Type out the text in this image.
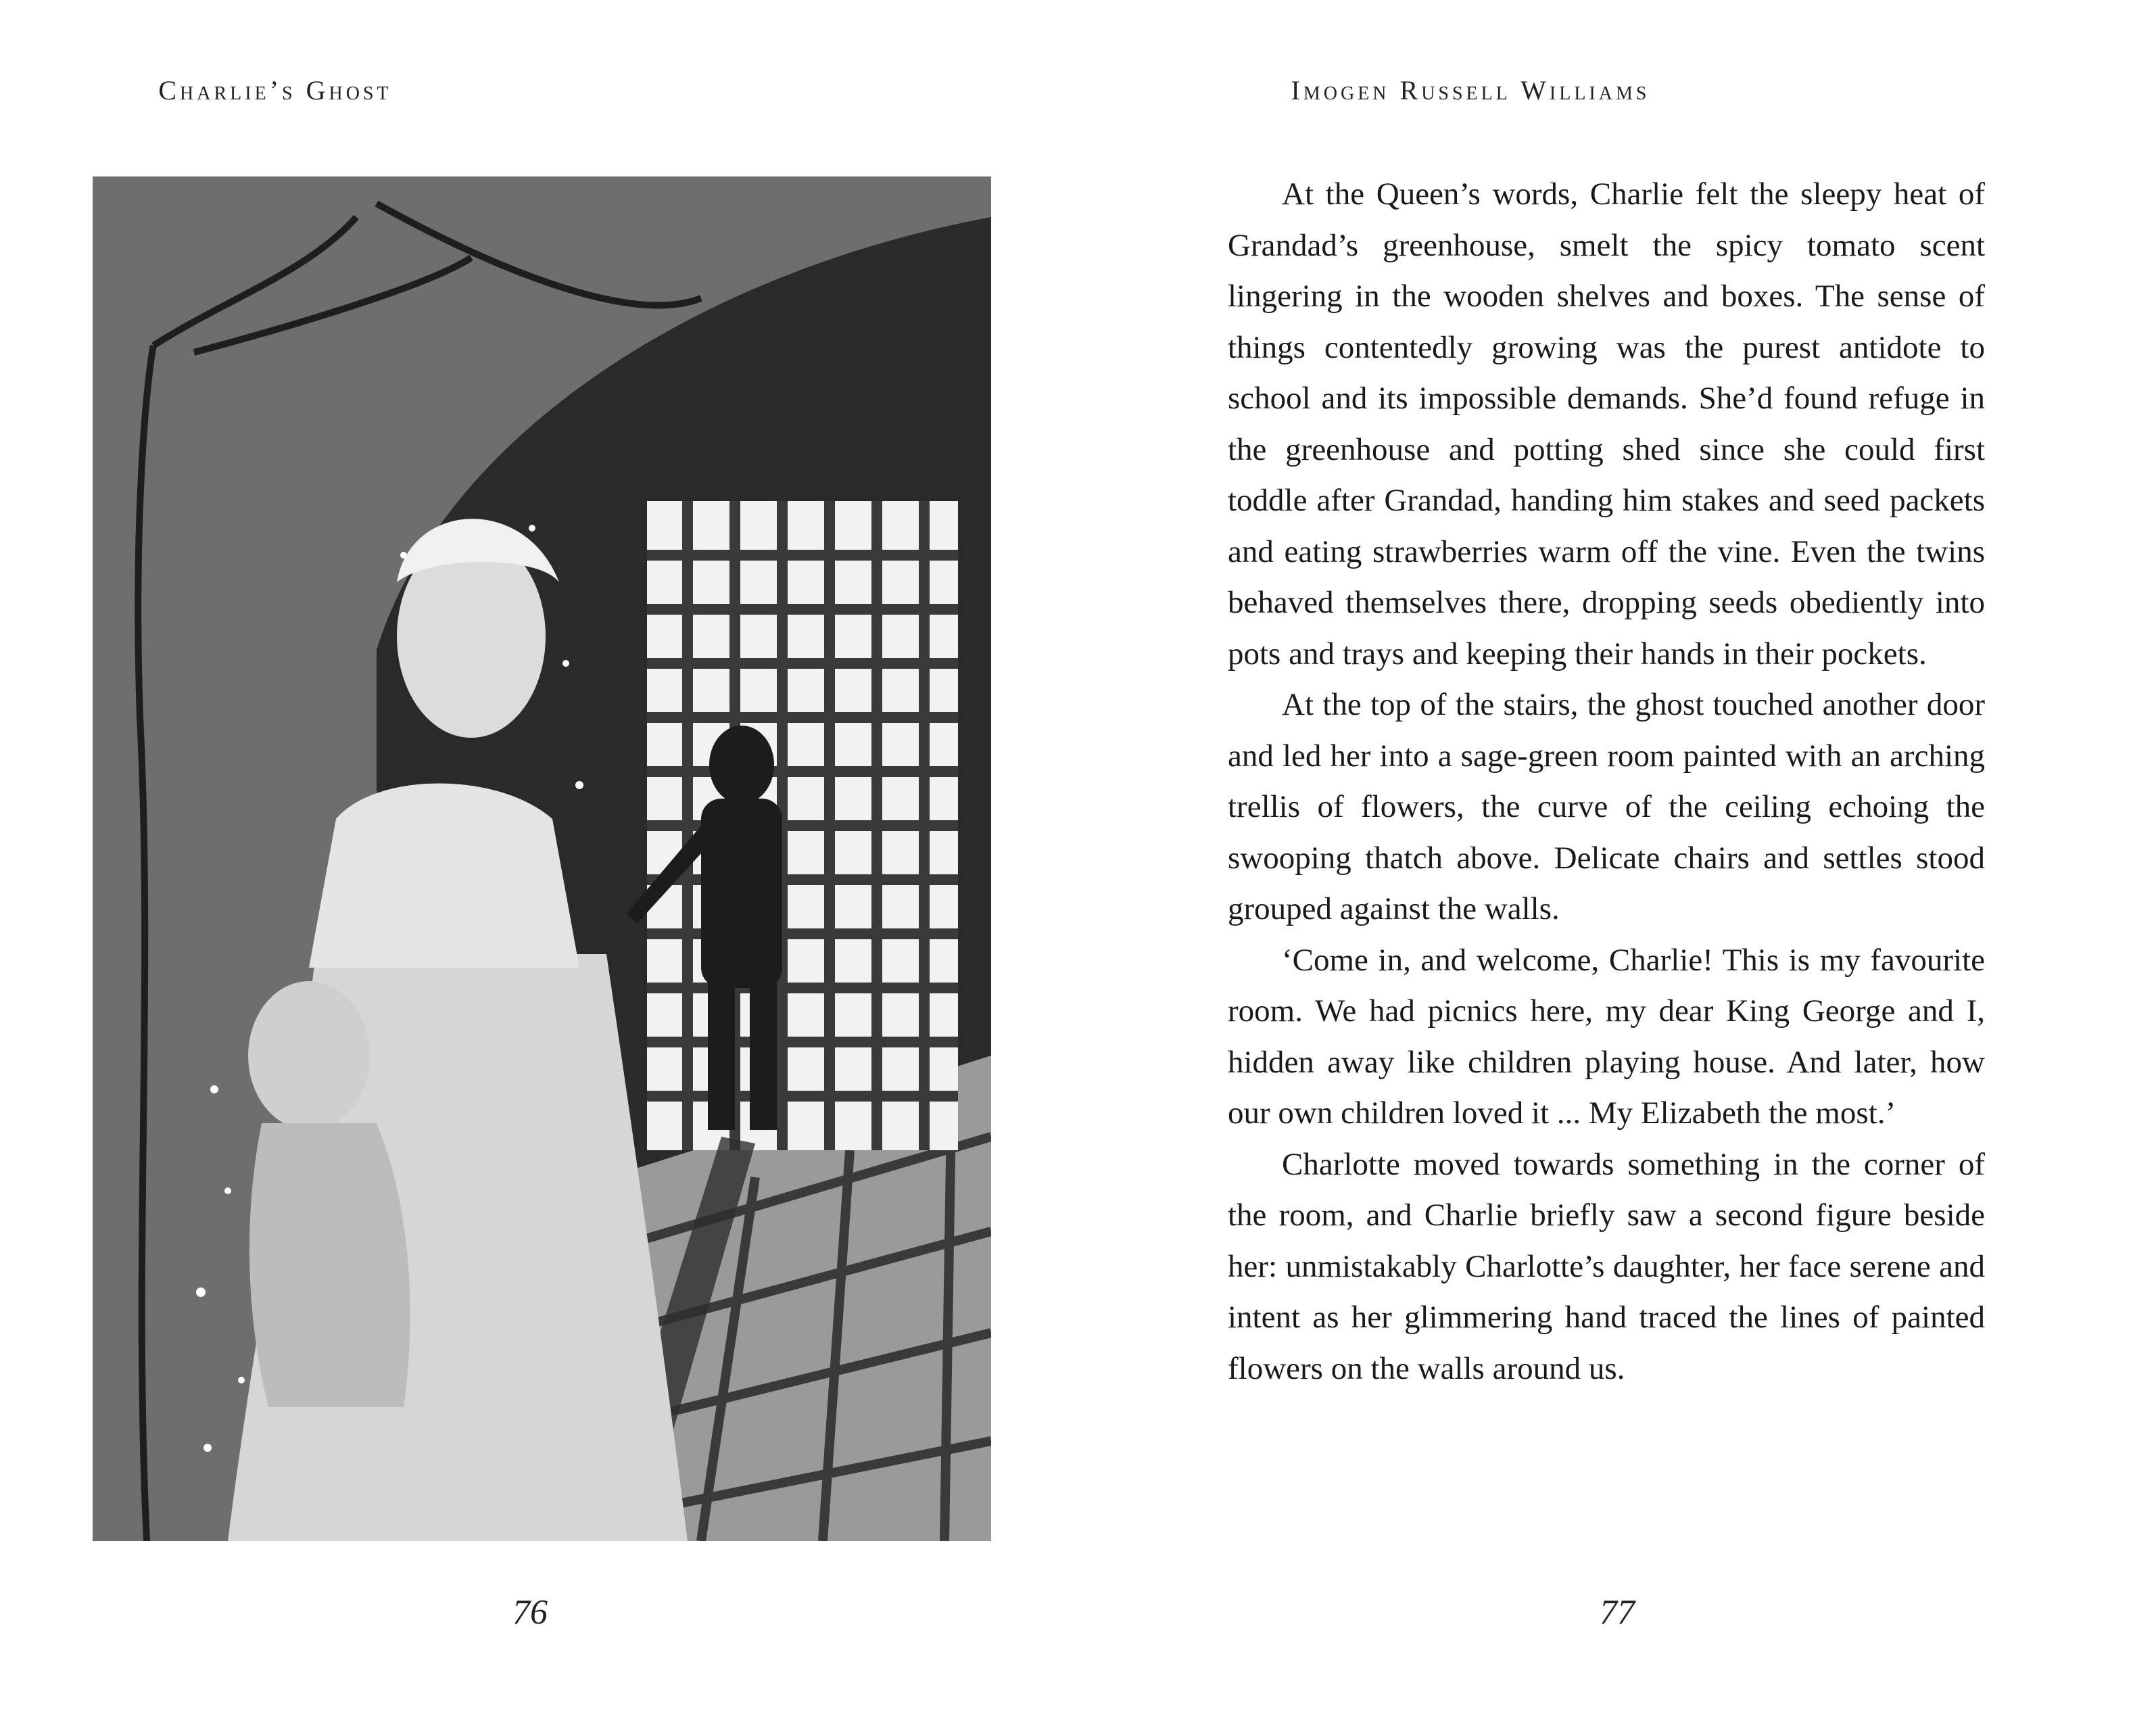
Charlie’s Ghost
76
Imogen Russell Williams

At the Queen’s words, Charlie felt the sleepy heat of Grandad’s greenhouse, smelt the spicy tomato scent lingering in the wooden shelves and boxes. The sense of things contentedly growing was the purest antidote to school and its impossible demands. She’d found refuge in the greenhouse and potting shed since she could first toddle after Grandad, handing him stakes and seed packets and eating strawberries warm off the vine. Even the twins behaved themselves there, dropping seeds obediently into pots and trays and keeping their hands in their pockets.

At the top of the stairs, the ghost touched another door and led her into a sage-green room painted with an arching trellis of flowers, the curve of the ceiling echoing the swooping thatch above. Delicate chairs and settles stood grouped against the walls.

‘Come in, and welcome, Charlie! This is my favourite room. We had picnics here, my dear King George and I, hidden away like children playing house. And later, how our own children loved it ... My Elizabeth the most.’

Charlotte moved towards something in the corner of the room, and Charlie briefly saw a second figure beside her: unmistakably Charlotte’s daughter, her face serene and intent as her glimmering hand traced the lines of painted flowers on the walls around us.

77
